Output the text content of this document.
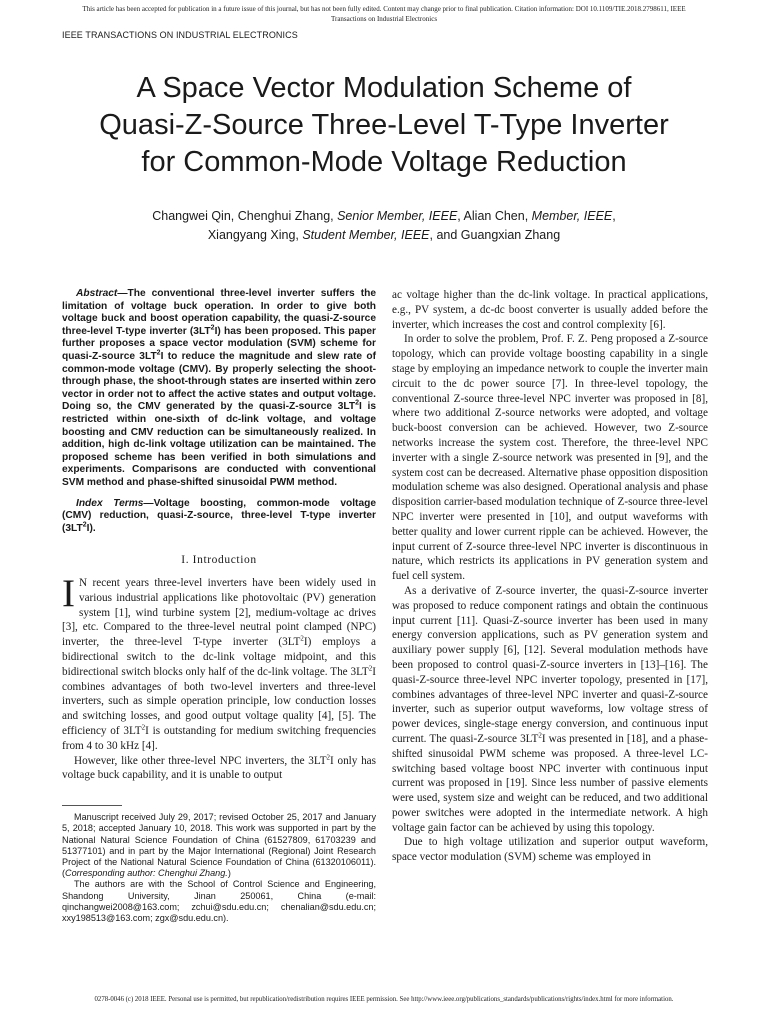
This article has been accepted for publication in a future issue of this journal, but has not been fully edited. Content may change prior to final publication. Citation information: DOI 10.1109/TIE.2018.2798611, IEEE
Transactions on Industrial Electronics
IEEE TRANSACTIONS ON INDUSTRIAL ELECTRONICS
A Space Vector Modulation Scheme of
Quasi-Z-Source Three-Level T-Type Inverter
for Common-Mode Voltage Reduction
Changwei Qin, Chenghui Zhang, Senior Member, IEEE, Alian Chen, Member, IEEE,
Xiangyang Xing, Student Member, IEEE, and Guangxian Zhang

Abstract—The conventional three-level inverter suffers the limitation of voltage buck operation. In order to give both voltage buck and boost operation capability, the quasi-Z-source three-level T-type inverter $(3LT^2I)$ has been proposed. This paper further proposes a space vector modulation (SVM) scheme for quasi-Z-source $3LT^2I$ to reduce the magnitude and slew rate of common-mode voltage (CMV). By properly selecting the shoot-through phase, the shoot-through states are inserted within zero vector in order not to affect the active states and output voltage. Doing so, the CMV generated by the quasi-Z-source $3LT^2I$ is restricted within one-sixth of dc-link voltage, and voltage boosting and CMV reduction can be simultaneously realized. In addition, high dc-link voltage utilization can be maintained. The proposed scheme has been verified in both simulations and experiments. Comparisons are conducted with conventional SVM method and phase-shifted sinusoidal PWM method.

Index Terms—Voltage boosting, common-mode voltage (CMV) reduction, quasi-Z-source, three-level T-type inverter $(3LT^2I)$.

I. Introduction

I N recent years three-level inverters have been widely used in various industrial applications like photovoltaic (PV) generation system [1], wind turbine system [2], medium-voltage ac drives [3], etc. Compared to the three-level neutral point clamped (NPC) inverter, the three-level T-type inverter $(3LT^2I)$ employs a bidirectional switch to the dc-link voltage midpoint, and this bidirectional switch blocks only half of the dc-link voltage. The $3LT^2I$ combines advantages of both two-level inverters and three-level inverters, such as simple operation principle, low conduction losses and switching losses, and good output voltage quality [4], [5]. The efficiency of $3LT^2I$ is outstanding for medium switching frequencies from 4 to 30 kHz [4].

However, like other three-level NPC inverters, the $3LT^2I$ only has voltage buck capability, and it is unable to output

Manuscript received July 29, 2017; revised October 25, 2017 and January 5, 2018; accepted January 10, 2018. This work was supported in part by the National Natural Science Foundation of China (61527809, 61703239 and 51377101) and in part by the Major International (Regional) Joint Research Project of the National Natural Science Foundation of China (61320106011). (Corresponding author: Chenghui Zhang.)

The authors are with the School of Control Science and Engineering, Shandong University, Jinan 250061, China (e-mail: qinchangwei2008@163.com; zchui@sdu.edu.cn; chenalian@sdu.edu.cn; xxy198513@163.com; zgx@sdu.edu.cn).

ac voltage higher than the dc-link voltage. In practical applications, e.g., PV system, a dc-dc boost converter is usually added before the inverter, which increases the cost and control complexity [6].

In order to solve the problem, Prof. F. Z. Peng proposed a Z-source topology, which can provide voltage boosting capability in a single stage by employing an impedance network to couple the inverter main circuit to the dc power source [7]. In three-level topology, the conventional Z-source three-level NPC inverter was proposed in [8], where two additional Z-source networks were adopted, and voltage buck-boost conversion can be achieved. However, two Z-source networks increase the system cost. Therefore, the three-level NPC inverter with a single Z-source network was presented in [9], and the system cost can be decreased. Alternative phase opposition disposition modulation scheme was also designed. Operational analysis and phase disposition carrier-based modulation technique of Z-source three-level NPC inverter were presented in [10], and output waveforms with better quality and lower current ripple can be achieved. However, the input current of Z-source three-level NPC inverter is discontinuous in nature, which restricts its applications in PV generation system and fuel cell system.

As a derivative of Z-source inverter, the quasi-Z-source inverter was proposed to reduce component ratings and obtain the continuous input current [11]. Quasi-Z-source inverter has been used in many energy conversion applications, such as PV generation system and auxiliary power supply [6], [12]. Several modulation methods have been proposed to control quasi-Z-source inverters in [13]–[16]. The quasi-Z-source three-level NPC inverter topology, presented in [17], combines advantages of three-level NPC inverter and quasi-Z-source inverter, such as superior output waveforms, low voltage stress of power devices, single-stage energy conversion, and continuous input current. The quasi-Z-source $3LT^2I$ was presented in [18], and a phase-shifted sinusoidal PWM scheme was proposed. A three-level LC-switching based voltage boost NPC inverter with continuous input current was proposed in [19]. Since less number of passive elements were used, system size and weight can be reduced, and two additional power switches were adopted in the intermediate network. A high voltage gain factor can be achieved by using this topology.

Due to high voltage utilization and superior output waveform, space vector modulation (SVM) scheme was employed in

0278-0046 (c) 2018 IEEE. Personal use is permitted, but republication/redistribution requires IEEE permission. See http://www.ieee.org/publications_standards/publications/rights/index.html for more information.
